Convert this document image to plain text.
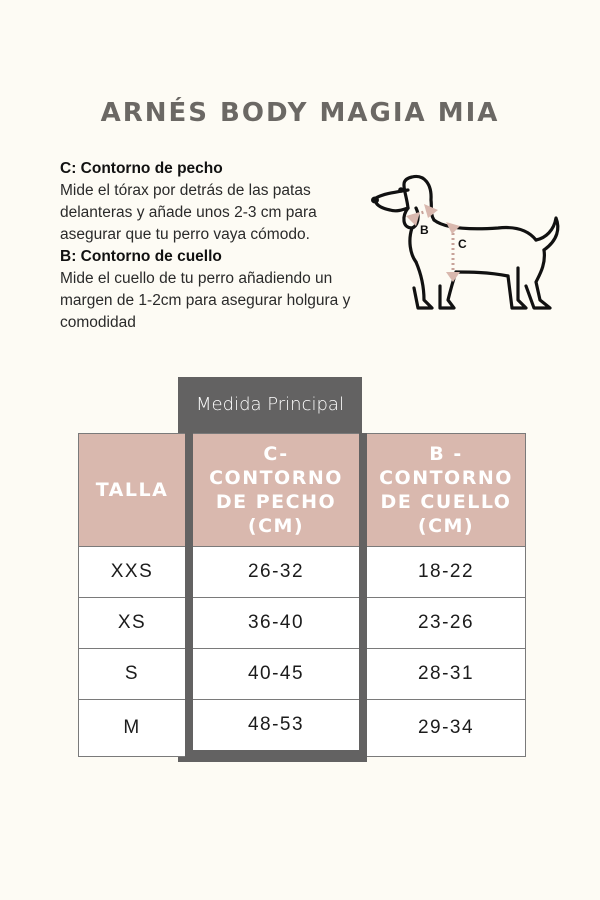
ARNÉS BODY MAGIA MIA

C: Contorno de pecho

Mide el tórax por detrás de las patas delanteras y añade unos 2-3 cm para asegurar que tu perro vaya cómodo.

B: Contorno de cuello

Mide el cuello de tu perro añadiendo un margen de 1-2cm para asegurar holgura y comodidad

B
C
Medida Principal
TALLA	C- CONTORNO DE PECHO (CM)	B - CONTORNO DE CUELLO (CM)
XXS	26-32	18-22
XS	36-40	23-26
S	40-45	28-31
M	48-53	29-34
